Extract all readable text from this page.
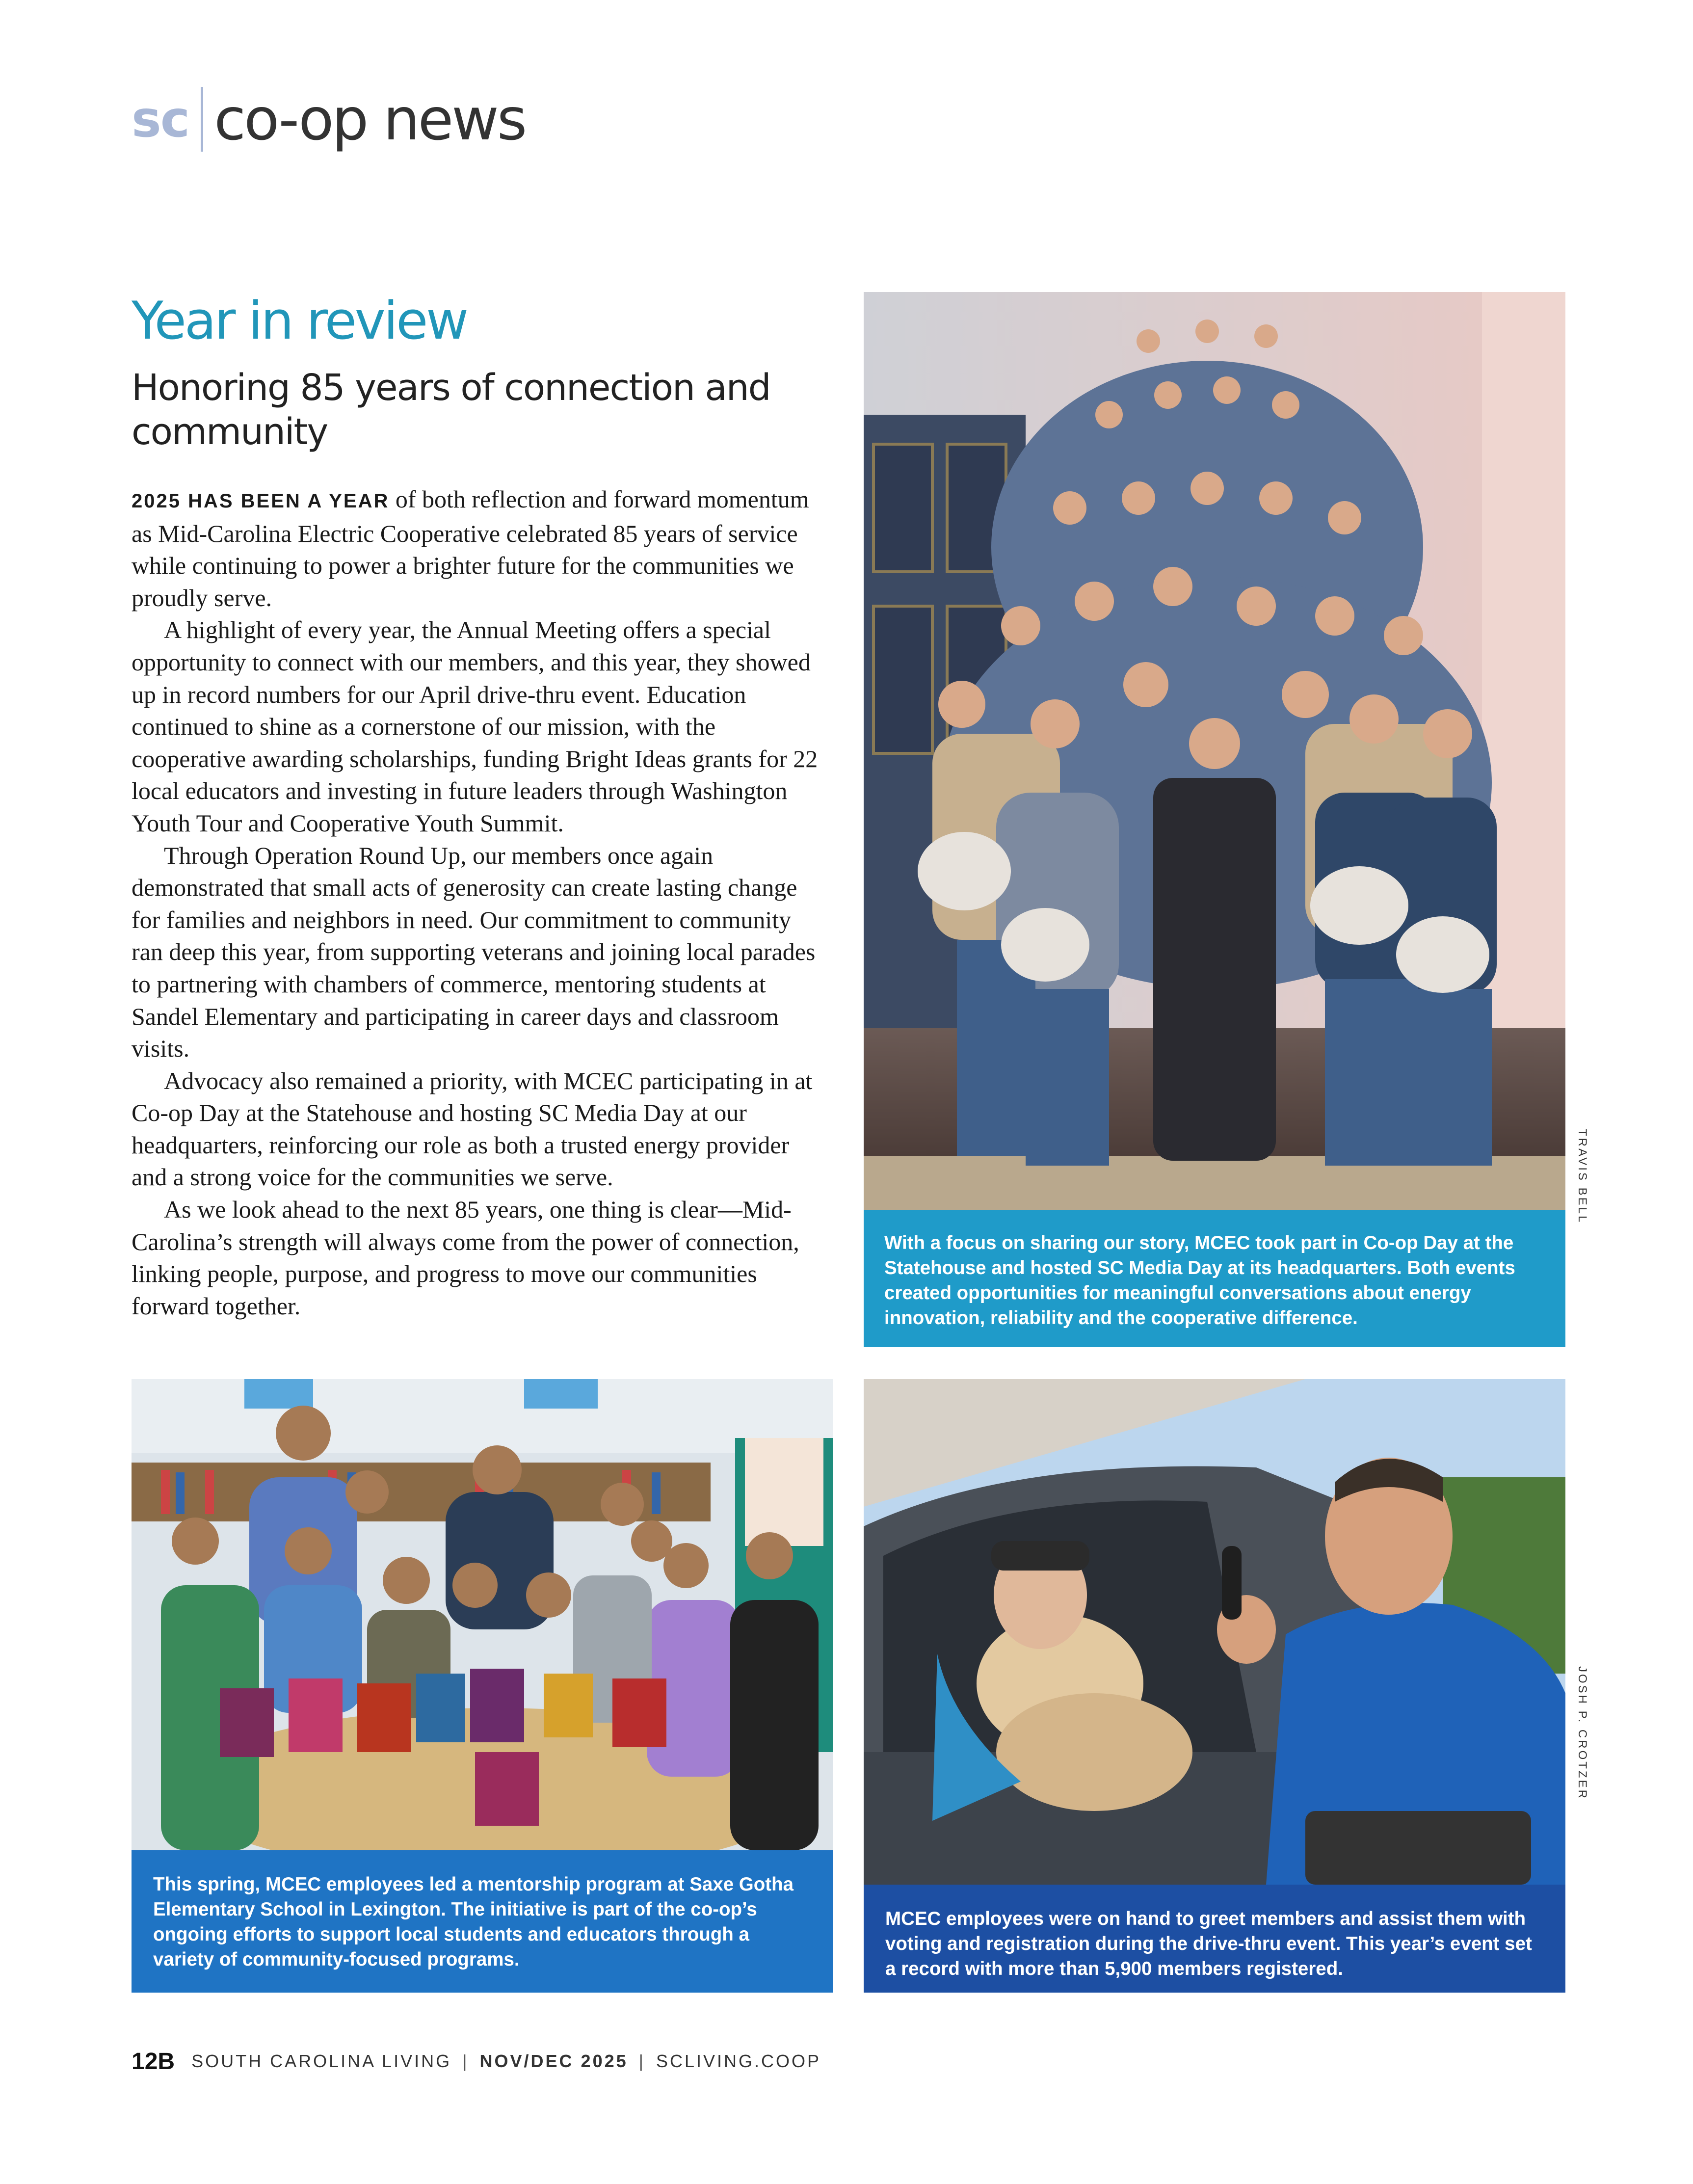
sc co-op news
Year in review
Honoring 85 years of connection and community

2025 HAS BEEN A YEAR of both reflection and forward momentum as Mid-Carolina Electric Cooperative celebrated 85 years of service while continuing to power a brighter future for the communities we proudly serve.

A highlight of every year, the Annual Meeting offers a special opportunity to connect with our members, and this year, they showed up in record numbers for our April drive-thru event. Education continued to shine as a cornerstone of our mission, with the cooperative awarding scholarships, funding Bright Ideas grants for 22 local educators and investing in future leaders through Washington Youth Tour and Cooperative Youth Summit.

Through Operation Round Up, our members once again demonstrated that small acts of generosity can create lasting change for families and neighbors in need. Our commitment to community ran deep this year, from supporting veterans and joining local parades to partnering with chambers of commerce, mentoring students at Sandel Elementary and participating in career days and classroom visits.

Advocacy also remained a priority, with MCEC participating in at Co-op Day at the Statehouse and hosting SC Media Day at our headquarters, reinforcing our role as both a trusted energy provider and a strong voice for the communities we serve.

As we look ahead to the next 85 years, one thing is clear—Mid-Carolina’s strength will always come from the power of connection, linking people, purpose, and progress to move our communities forward together.

With a focus on sharing our story, MCEC took part in Co-op Day at the Statehouse and hosted SC Media Day at its headquarters. Both events created opportunities for meaningful conversations about energy innovation, reliability and the cooperative difference.
TRAVIS BELL
This spring, MCEC employees led a mentorship program at Saxe Gotha Elementary School in Lexington. The initiative is part of the co-op’s ongoing efforts to support local students and educators through a variety of community-focused programs.
MCEC employees were on hand to greet members and assist them with voting and registration during the drive-thru event. This year’s event set a record with more than 5,900 members registered.
JOSH P. CROTZER
12B SOUTH CAROLINA LIVING | NOV/DEC 2025 | SCLIVING.COOP
